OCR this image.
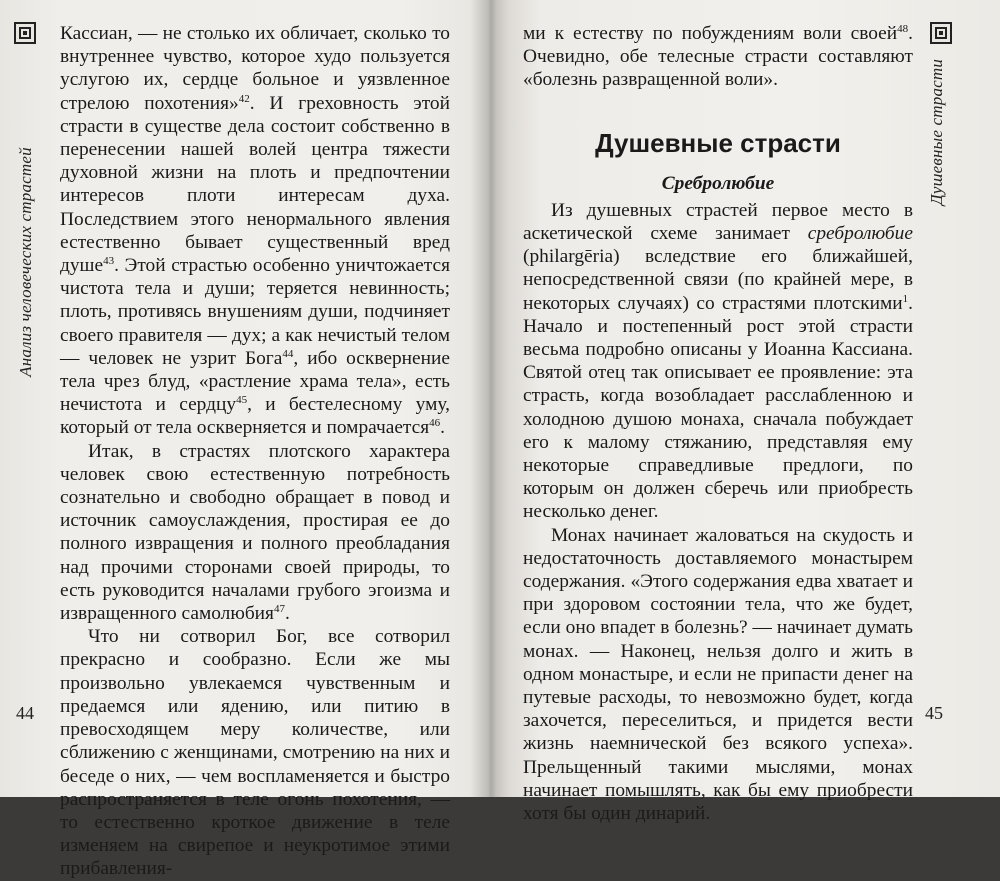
Анализ человеческих страстей

Кассиан, — не столько их обличает, сколько то внутреннее чувство, которое худо пользуется услугою их, сердце больное и уязвленное стрелою похотения»$^{42}$. И греховность этой страсти в существе дела состоит собственно в перенесении нашей волей центра тяжести духовной жизни на плоть и предпочтении интересов плоти интересам духа. Последствием этого ненормального явления естественно бывает существенный вред душе$^{43}$. Этой страстью особенно уничтожается чистота тела и души; теряется невинность; плоть, противясь внушениям души, подчиняет своего правителя — дух; а как нечистый телом — человек не узрит Бога$^{44}$, ибо осквернение тела чрез блуд, «растление храма тела», есть нечистота и сердцу$^{45}$, и бестелесному уму, который от тела оскверняется и помрачается$^{46}$.

Итак, в страстях плотского характера человек свою естественную потребность сознательно и свободно обращает в повод и источник самоуслаждения, простирая ее до полного извращения и полного преобладания над прочими сторонами своей природы, то есть руководится началами грубого эгоизма и извращенного самолюбия$^{47}$.

Что ни сотворил Бог, все сотворил прекрасно и сообразно. Если же мы произвольно увлекаемся чувственным и предаемся или ядению, или питию в превосходящем меру количестве, или сближению с женщинами, смотрению на них и беседе о них, — чем воспламеняется и быстро распространяется в теле огонь похотения, — то естественно кроткое движение в теле изменяем на свирепое и неукротимое этими прибавления-

44
Душевные страсти

ми к естеству по побуждениям воли своей$^{48}$. Очевидно, обе телесные страсти составляют «болезнь развращенной воли».

Душевные страсти
Сребролюбие

Из душевных страстей первое место в аскетической схеме занимает сребролюбие (philargēria) вследствие его ближайшей, непосредственной связи (по крайней мере, в некоторых случаях) со страстями плотскими$^1$. Начало и постепенный рост этой страсти весьма подробно описаны у Иоанна Кассиана. Святой отец так описывает ее проявление: эта страсть, когда возобладает расслабленною и холодною душою монаха, сначала побуждает его к малому стяжанию, представляя ему некоторые справедливые предлоги, по которым он должен сберечь или приобресть несколько денег.

Монах начинает жаловаться на скудость и недостаточность доставляемого монастырем содержания. «Этого содержания едва хватает и при здоровом состоянии тела, что же будет, если оно впадет в болезнь? — начинает думать монах. — Наконец, нельзя долго и жить в одном монастыре, и если не припасти денег на путевые расходы, то невозможно будет, когда захочется, переселиться, и придется вести жизнь наемнической без всякого успеха». Прельщенный такими мыслями, монах начинает помышлять, как бы ему приобрести хотя бы один динарий.

45
